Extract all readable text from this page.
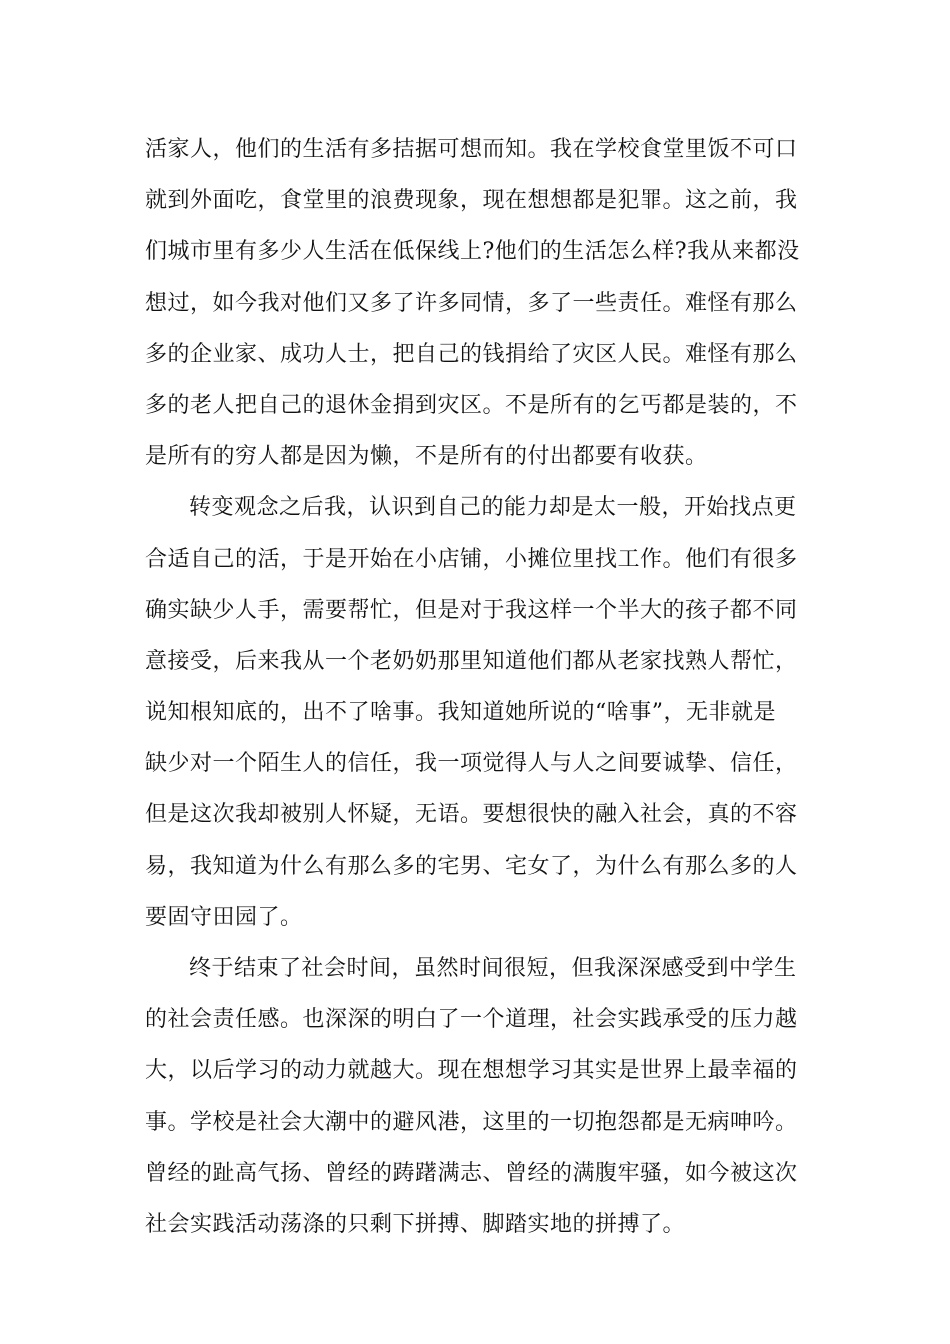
活家人，他们的生活有多拮据可想而知。我在学校食堂里饭不可口
就到外面吃，食堂里的浪费现象，现在想想都是犯罪。这之前，我
们城市里有多少人生活在低保线上?他们的生活怎么样?我从来都没
想过，如今我对他们又多了许多同情，多了一些责任。难怪有那么
多的企业家、成功人士，把自己的钱捐给了灾区人民。难怪有那么
多的老人把自己的退休金捐到灾区。不是所有的乞丐都是装的，不
是所有的穷人都是因为懒，不是所有的付出都要有收获。
转变观念之后我，认识到自己的能力却是太一般，开始找点更
合适自己的活，于是开始在小店铺，小摊位里找工作。他们有很多
确实缺少人手，需要帮忙，但是对于我这样一个半大的孩子都不同
意接受，后来我从一个老奶奶那里知道他们都从老家找熟人帮忙，
说知根知底的，出不了啥事。我知道她所说的“啥事”，无非就是
缺少对一个陌生人的信任，我一项觉得人与人之间要诚挚、信任，
但是这次我却被别人怀疑，无语。要想很快的融入社会，真的不容
易，我知道为什么有那么多的宅男、宅女了，为什么有那么多的人
要固守田园了。
终于结束了社会时间，虽然时间很短，但我深深感受到中学生
的社会责任感。也深深的明白了一个道理，社会实践承受的压力越
大，以后学习的动力就越大。现在想想学习其实是世界上最幸福的
事。学校是社会大潮中的避风港，这里的一切抱怨都是无病呻吟。
曾经的趾高气扬、曾经的踌躇满志、曾经的满腹牢骚，如今被这次
社会实践活动荡涤的只剩下拼搏、脚踏实地的拼搏了。
